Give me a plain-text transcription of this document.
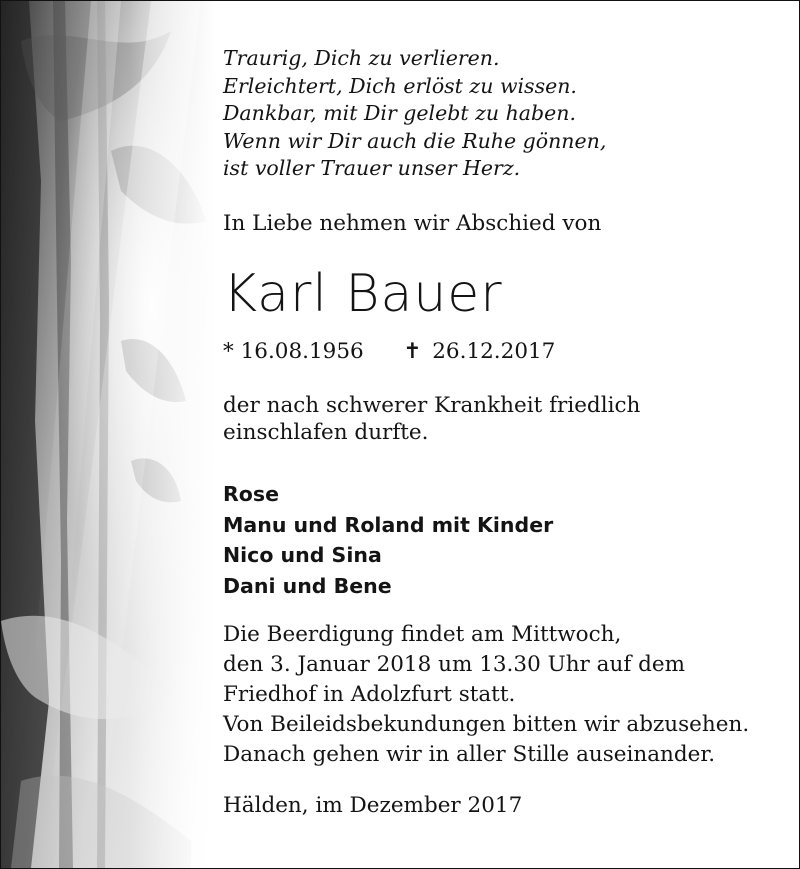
Traurig, Dich zu verlieren.
Erleichtert, Dich erlöst zu wissen.
Dankbar, mit Dir gelebt zu haben.
Wenn wir Dir auch die Ruhe gönnen,
ist voller Trauer unser Herz.
In Liebe nehmen wir Abschied von
Karl Bauer
* 16.08.1956 ✝ 26.12.2017
der nach schwerer Krankheit friedlich
einschlafen durfte.
Rose
Manu und Roland mit Kinder
Nico und Sina
Dani und Bene
Die Beerdigung findet am Mittwoch,
den 3. Januar 2018 um 13.30 Uhr auf dem
Friedhof in Adolzfurt statt.
Von Beileidsbekundungen bitten wir abzusehen.
Danach gehen wir in aller Stille auseinander.
Hälden, im Dezember 2017
